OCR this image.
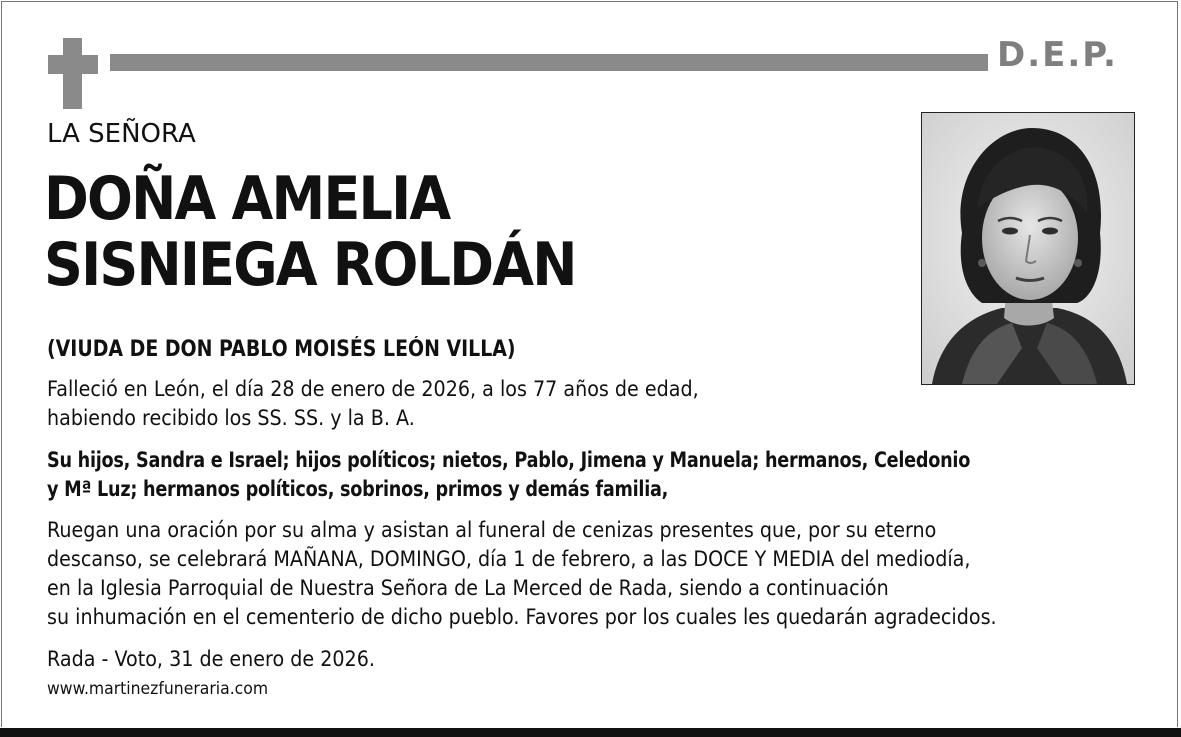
D.E.P.
LA SEÑORA
DOÑA AMELIA
SISNIEGA ROLDÁN
(VIUDA DE DON PABLO MOISÉS LEÓN VILLA)
Falleció en León, el día 28 de enero de 2026, a los 77 años de edad,
habiendo recibido los SS. SS. y la B. A.
Su hijos, Sandra e Israel; hijos políticos; nietos, Pablo, Jimena y Manuela; hermanos, Celedonio
y Mª Luz; hermanos políticos, sobrinos, primos y demás familia,
Ruegan una oración por su alma y asistan al funeral de cenizas presentes que, por su eterno
descanso, se celebrará MAÑANA, DOMINGO, día 1 de febrero, a las DOCE Y MEDIA del mediodía,
en la Iglesia Parroquial de Nuestra Señora de La Merced de Rada, siendo a continuación
su inhumación en el cementerio de dicho pueblo. Favores por los cuales les quedarán agradecidos.
Rada - Voto, 31 de enero de 2026.
www.martinezfuneraria.com
